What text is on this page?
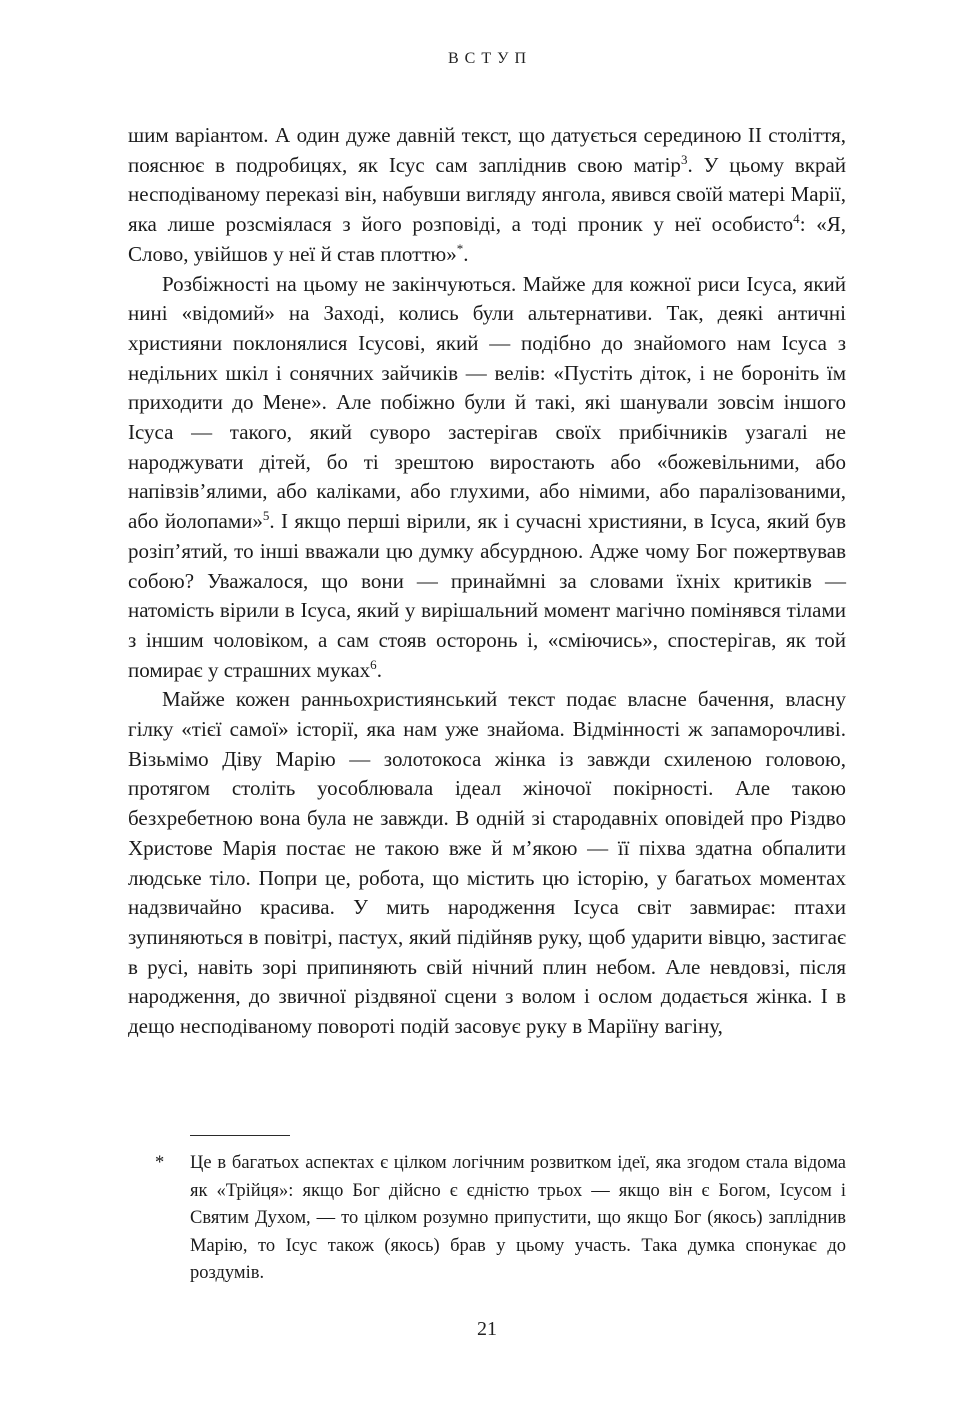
ВСТУП

шим варіантом. А один дуже давній текст, що датується серединою ІІ століття, пояснює в подробицях, як Ісус сам запліднив свою матір$^3$. У цьому вкрай несподіваному переказі він, набувши вигляду янгола, явився своїй матері Марії, яка лише розсміялася з його розповіді, а тоді проник у неї особисто$^4$: «Я, Слово, увійшов у неї й став плоттю»*.

Розбіжності на цьому не закінчуються. Майже для кожної риси Ісуса, який нині «відомий» на Заході, колись були альтернативи. Так, деякі античні християни поклонялися Ісусові, який — подібно до знайомого нам Ісуса з недільних шкіл і сонячних зайчиків — велів: «Пустіть діток, і не бороніть їм приходити до Мене». Але побіжно були й такі, які шанували зовсім іншого Ісуса — такого, який суворо застерігав своїх прибічників узагалі не народжувати дітей, бо ті зрештою виростають або «божевільними, або напівзів’ялими, або каліками, або глухими, або німими, або паралізованими, або йолопами»$^5$. І якщо перші вірили, як і сучасні християни, в Ісуса, який був розіп’ятий, то інші вважали цю думку абсурдною. Адже чому Бог пожертвував собою? Уважалося, що вони — принаймні за словами їхніх критиків — натомість вірили в Ісуса, який у вирішальний момент магічно помінявся тілами з іншим чоловіком, а сам стояв осторонь і, «сміючись», спостерігав, як той помирає у страшних муках$^6$.

Майже кожен ранньохристиянський текст подає власне бачення, власну гілку «тієї самої» історії, яка нам уже знайома. Відмінності ж запаморочливі. Візьмімо Діву Марію — золотокоса жінка із завжди схиленою головою, протягом століть уособлювала ідеал жіночої покірності. Але такою безхребетною вона була не завжди. В одній зі стародавніх оповідей про Різдво Христове Марія постає не такою вже й м’якою — її піхва здатна обпалити людське тіло. Попри це, робота, що містить цю історію, у багатьох моментах надзвичайно красива. У мить народження Ісуса світ завмирає: птахи зупиняються в повітрі, пастух, який підійняв руку, щоб ударити вівцю, застигає в русі, навіть зорі припиняють свій нічний плин небом. Але невдовзі, після народження, до звичної різдвяної сцени з волом і ослом додається жінка. І в дещо несподіваному повороті подій засовує руку в Маріїну вагіну,

*	Це в багатьох аспектах є цілком логічним розвитком ідеї, яка згодом стала відома як «Трійця»: якщо Бог дійсно є єдністю трьох — якщо він є Богом, Ісусом і Святим Духом, — то цілком розумно припустити, що якщо Бог (якось) запліднив Марію, то Ісус також (якось) брав у цьому участь. Така думка спонукає до роздумів.

21
